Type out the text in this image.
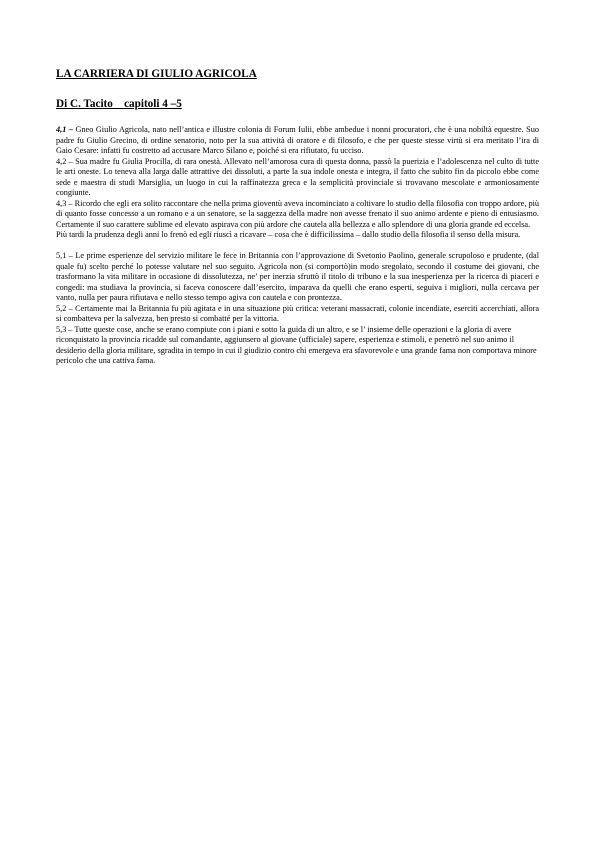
LA CARRIERA DI GIULIO AGRICOLA
Di C. Tacito    capitoli 4 –5

4,1 – Gneo Giulio Agricola, nato nell’antica e illustre colonia di Forum Iulii, ebbe ambedue i nonni procuratori, che è una nobiltà equestre. Suo padre fu Giulio Grecino, di ordine senatorio, noto per la sua attività di oratore e di filosofo, e che per queste stesse virtù si era meritato l’ira di Gaio Cesare: infatti fu costretto ad accusare Marco Silano e, poiché si era rifiutato, fu ucciso.

4,2 – Sua madre fu Giulia Procilla, di rara onestà. Allevato nell’amorosa cura di questa donna, passò la puerizia e l’adolescenza nel culto di tutte le arti oneste. Lo teneva alla larga dalle attrattive dei dissoluti, a parte la sua indole onesta e integra, il fatto che subito fin da piccolo ebbe come sede e maestra di studi Marsiglia, un luogo in cui la raffinatezza greca e la semplicità provinciale si trovavano mescolate e armoniosamente congiunte.

4,3 – Ricordo che egli era solito raccontare che nella prima gioventù aveva incominciato a coltivare lo studio della filosofia con troppo ardore, più di quanto fosse concesso a un romano e a un senatore, se la saggezza della madre non avesse frenato il suo animo ardente e pieno di entusiasmo. Certamente il suo carattere sublime ed elevato aspirava con più ardore che cautela alla bellezza e allo splendore di una gloria grande ed eccelsa.

Più tardi la prudenza degli anni lo frenò ed egli riuscì a ricavare – cosa che è difficilissima – dallo studio della filosofia il senso della misura.

5,1 – Le prime esperienze del servizio militare le fece in Britannia con l’approvazione di Svetonio Paolino, generale scrupoloso e prudente, (dal quale fu) scelto perché lo potesse valutare nel suo seguito. Agricola non (si comportò)in modo sregolato, secondo il costume dei giovani, che trasformano la vita militare in occasione di dissolutezza, ne’ per inerzia sfruttò il titolo di tribuno e la sua inesperienza per la ricerca di piaceri e congedi: ma studiava la provincia, si faceva conoscere dall’esercito, imparava da quelli che erano esperti, seguiva i migliori, nulla cercava per vanto, nulla per paura rifiutava e nello stesso tempo agiva con cautela e con prontezza.

5,2 – Certamente mai la Britannia fu più agitata e in una situazione più critica: veterani massacrati, colonie incendiate, eserciti accerchiati, allora si combatteva per la salvezza, ben presto si combatté per la vittoria.

5,3 – Tutte queste cose, anche se erano compiute con i piani e sotto la guida di un altro, e se l’ insieme delle operazioni e la gloria di avere riconquistato la provincia ricadde sul comandante, aggiunsero al giovane (ufficiale) sapere, esperienza e stimoli, e penetrò nel suo animo il desiderio della gloria militare, sgradita in tempo in cui il giudizio contro chi emergeva era sfavorevole e una grande fama non comportava minore pericolo che una cattiva fama.
